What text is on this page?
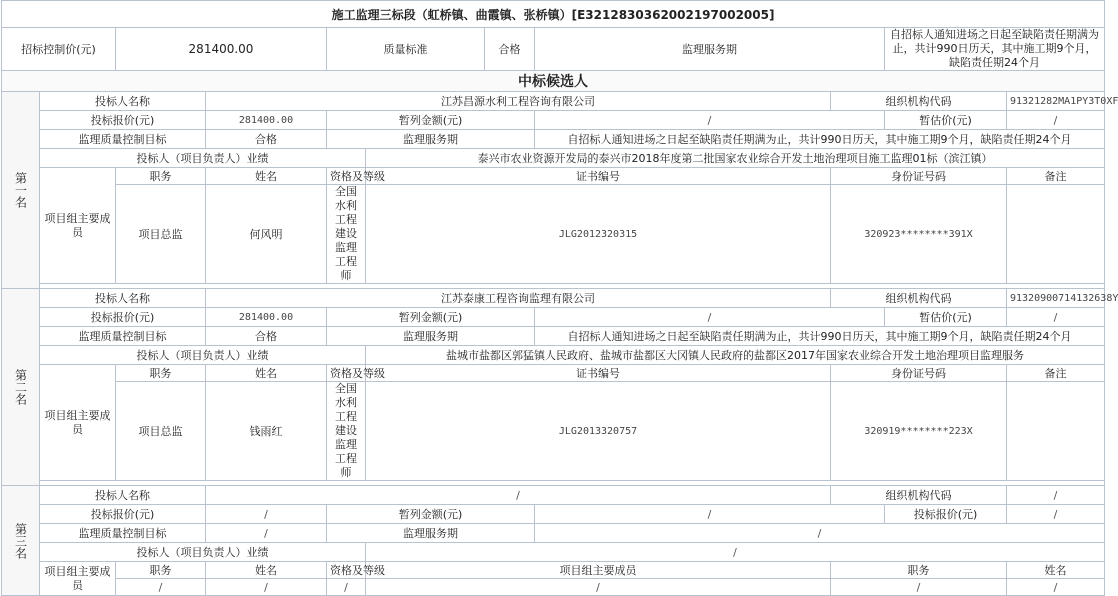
施工监理三标段（虹桥镇、曲霞镇、张桥镇）[E3212830362002197002005]										
招标控制价(元)		281400.00		质量标准		合格	监理服务期		自招标人通知进场之日起至缺陷责任期满为止，共计990日历天，其中施工期9个月，缺陷责任期24个月	
中标候选人										
第一名	投标人名称		江苏昌源水利工程咨询有限公司					组织机构代码		91321282MA1PY3T0XF
	投标报价(元)		281400.00	暂列金额(元)			/		暂估价(元)	/
	监理质量控制目标		合格	监理服务期			自招标人通知进场之日起至缺陷责任期满为止，共计990日历天，其中施工期9个月，缺陷责任期24个月			
	投标人（项目负责人）业绩				泰兴市农业资源开发局的泰兴市2018年度第二批国家农业综合开发土地治理项目施工监理01标（滨江镇）					
	项目组主要成员	职务	姓名	资格及等级	证书编号			身份证号码		备注
		项目总监	何风明	全国水利工程建设监理工程师	JLG2012320315			320923********391X		

第二名	投标人名称		江苏泰康工程咨询监理有限公司					组织机构代码		91320900714132638Y
	投标报价(元)		281400.00	暂列金额(元)			/		暂估价(元)	/
	监理质量控制目标		合格	监理服务期			自招标人通知进场之日起至缺陷责任期满为止，共计990日历天，其中施工期9个月，缺陷责任期24个月			
	投标人（项目负责人）业绩				盐城市盐都区郭猛镇人民政府、盐城市盐都区大冈镇人民政府的盐都区2017年国家农业综合开发土地治理项目监理服务					
	项目组主要成员	职务	姓名	资格及等级	证书编号			身份证号码		备注
		项目总监	钱雨红	全国水利工程建设监理工程师	JLG2013320757			320919********223X		

第三名	投标人名称		/					组织机构代码		/
	投标报价(元)		/	暂列金额(元)			/		投标报价(元)	/
	监理质量控制目标		/	监理服务期			/			
	投标人（项目负责人）业绩				/					
	项目组主要成员	职务	姓名	资格及等级	项目组主要成员			职务		姓名
		/	/	/	/			/		/
